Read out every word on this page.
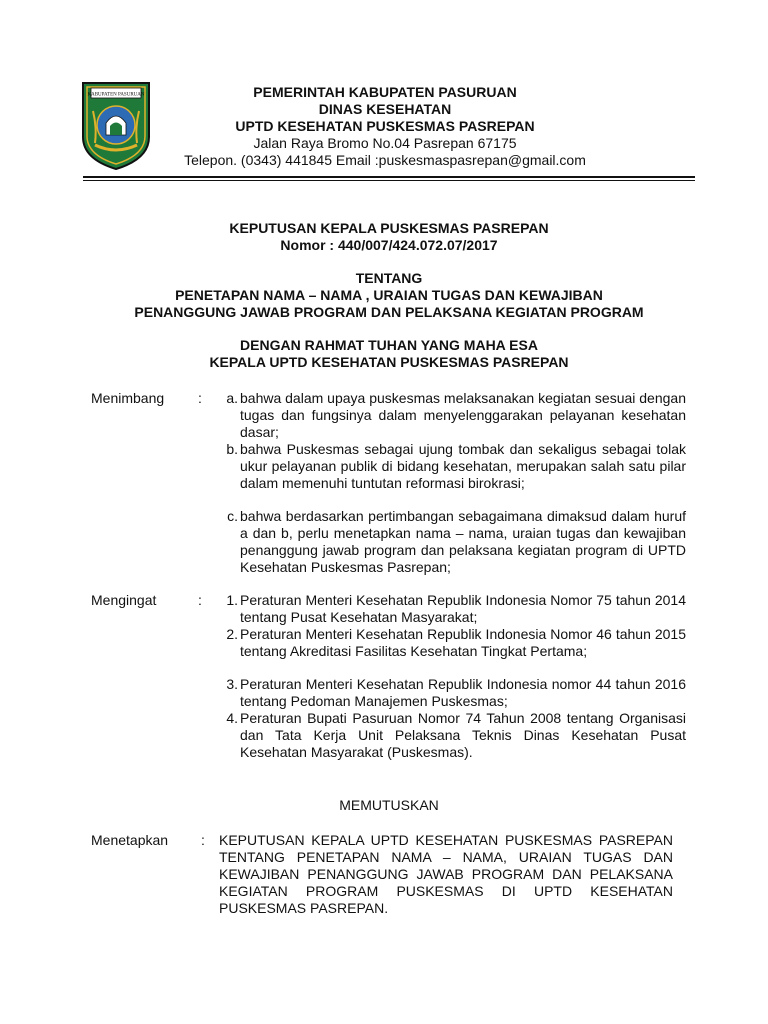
KABUPATEN PASURUAN	PEMERINTAH KABUPATEN PASURUAN
DINAS KESEHATAN
UPTD KESEHATAN PUSKESMAS PASREPAN
Jalan Raya Bromo No.04 Pasrepan 67175
Telepon. (0343) 441845 Email :puskesmaspasrepan@gmail.com
KEPUTUSAN KEPALA PUSKESMAS PASREPAN
Nomor : 440/007/424.072.07/2017
TENTANG
PENETAPAN NAMA – NAMA , URAIAN TUGAS DAN KEWAJIBAN
PENANGGUNG JAWAB PROGRAM DAN PELAKSANA KEGIATAN PROGRAM
DENGAN RAHMAT TUHAN YANG MAHA ESA
KEPALA UPTD KESEHATAN PUSKESMAS PASREPAN
Menimbang :	a. bahwa dalam upaya puskesmas melaksanakan kegiatan sesuai dengan tugas dan fungsinya dalam menyelenggarakan pelayanan kesehatan dasar;
b. bahwa Puskesmas sebagai ujung tombak dan sekaligus sebagai tolak ukur pelayanan publik di bidang kesehatan, merupakan salah satu pilar dalam memenuhi tuntutan reformasi birokrasi;
c. bahwa berdasarkan pertimbangan sebagaimana dimaksud dalam huruf a dan b, perlu menetapkan nama – nama, uraian tugas dan kewajiban penanggung jawab program dan pelaksana kegiatan program di UPTD Kesehatan Puskesmas Pasrepan;
Mengingat	:	1. Peraturan Menteri Kesehatan Republik Indonesia Nomor 75 tahun 2014 tentang Pusat Kesehatan Masyarakat;
2. Peraturan Menteri Kesehatan Republik Indonesia Nomor 46 tahun 2015 tentang Akreditasi Fasilitas Kesehatan Tingkat Pertama;
3. Peraturan Menteri Kesehatan Republik Indonesia nomor 44 tahun 2016 tentang Pedoman Manajemen Puskesmas;
4. Peraturan Bupati Pasuruan Nomor 74 Tahun 2008 tentang Organisasi dan Tata Kerja Unit Pelaksana Teknis Dinas Kesehatan Pusat Kesehatan Masyarakat (Puskesmas).
MEMUTUSKAN
Menetapkan : KEPUTUSAN KEPALA UPTD KESEHATAN PUSKESMAS PASREPAN TENTANG PENETAPAN NAMA – NAMA, URAIAN TUGAS DAN KEWAJIBAN PENANGGUNG JAWAB PROGRAM DAN PELAKSANA KEGIATAN PROGRAM PUSKESMAS DI UPTD KESEHATAN PUSKESMAS PASREPAN.
